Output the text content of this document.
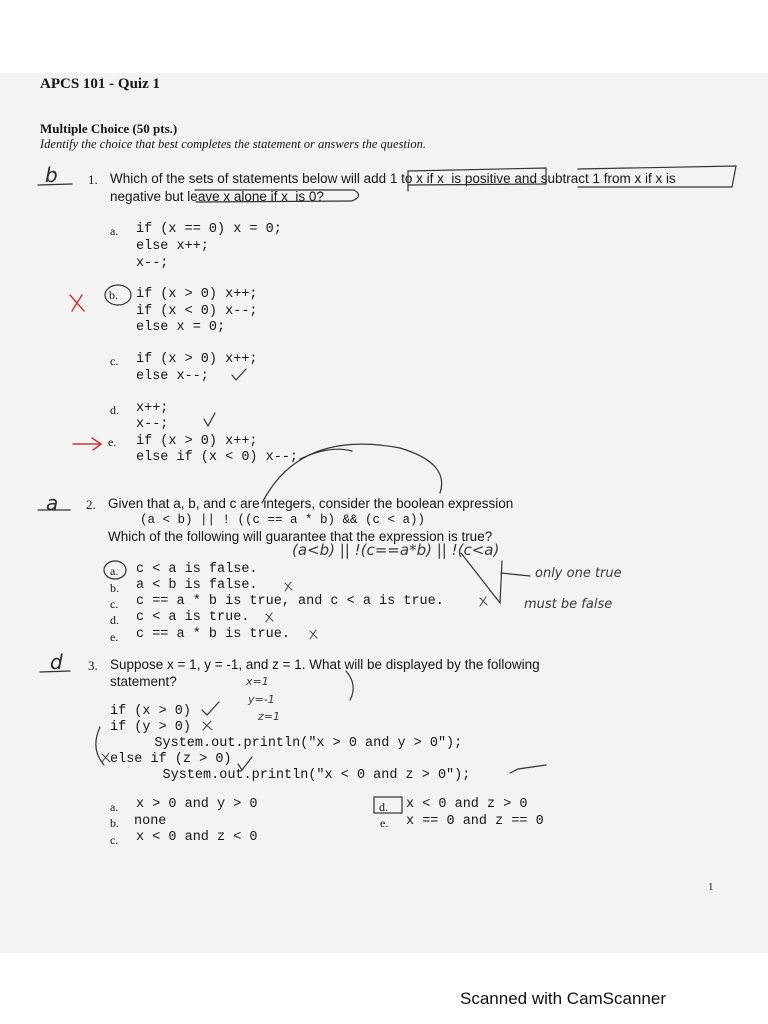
APCS 101 - Quiz 1
Multiple Choice (50 pts.)
Identify the choice that best completes the statement or answers the question.
b 1. Which of the sets of statements below will add 1 to x if x  is positive and subtract 1 from x if x is
negative but leave x alone if x  is 0?
a. if (x == 0) x = 0;
else x++;
x--;
b. if (x > 0) x++;
if (x < 0) x--;
else x = 0;
c. if (x > 0) x++;
else x--;
d. x++;
x--;
e. if (x > 0) x++;
else if (x < 0) x--;
a 2. Given that a, b, and c are integers, consider the boolean expression
(a < b) || ! ((c == a * b) && (c < a))
Which of the following will guarantee that the expression is true?
a. c < a is false.
b. a < b is false.
c. c == a * b is true, and c < a is true.
d. c < a is true.
e. c == a * b is true.
(a<b) || !(c==a*b) || !(c<a)
only one true
must be false
d 3. Suppose x = 1, y = -1, and z = 1. What will be displayed by the following
statement?
if (x > 0)
if (y > 0)
System.out.println("x > 0 and y > 0");
else if (z > 0)
System.out.println("x < 0 and z > 0");
x=1
y=-1
z=1
a. x > 0 and y > 0
b. none
c. x < 0 and z < 0
d. x < 0 and z > 0
e. x == 0 and z == 0
1
Scanned with CamScanner
